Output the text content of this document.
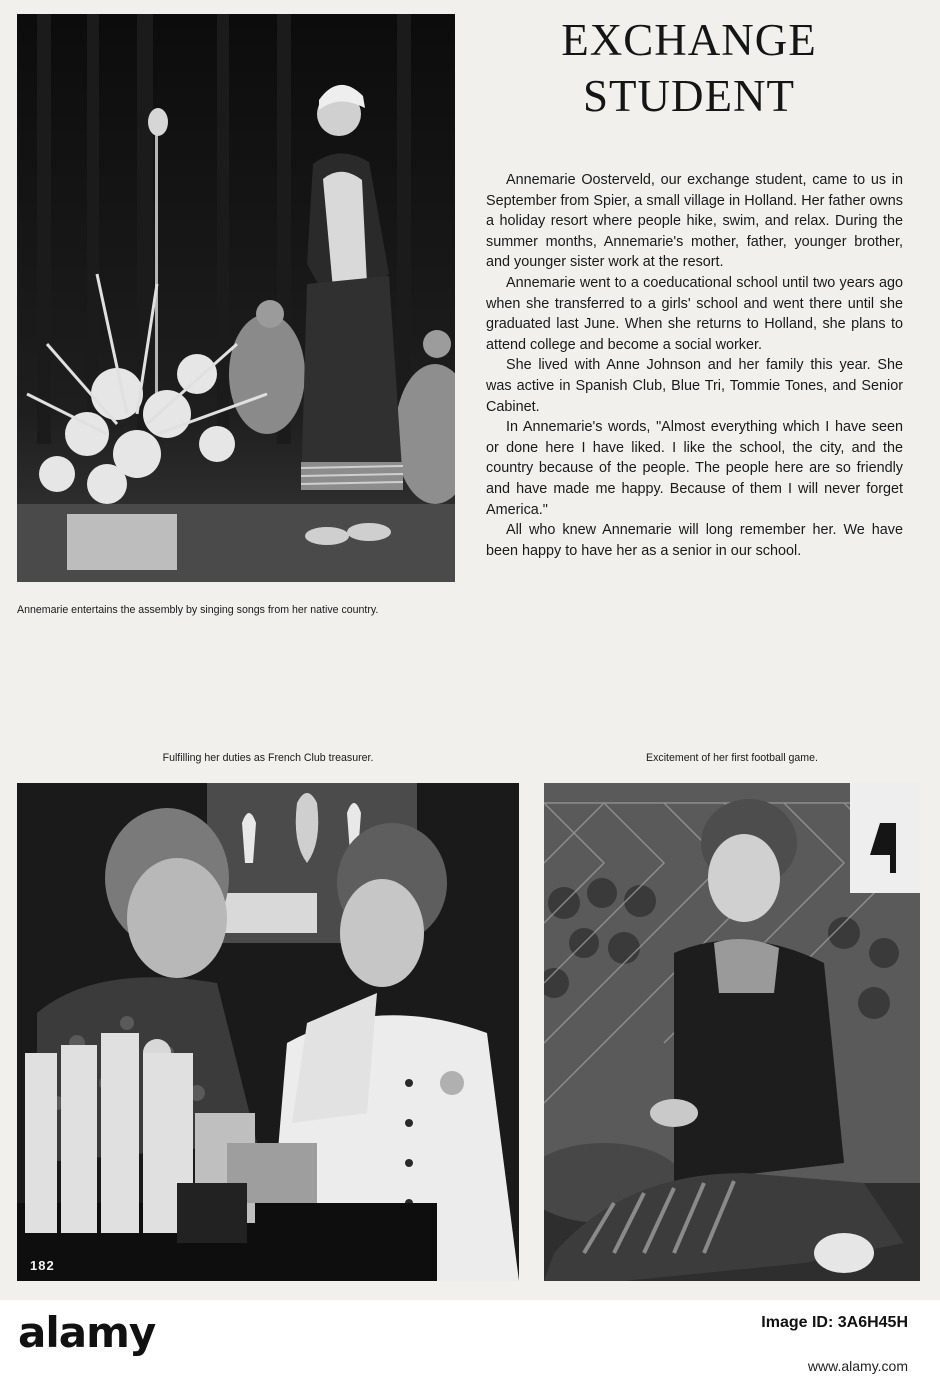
EXCHANGE
STUDENT

Annemarie Oosterveld, our exchange student, came to us in September from Spier, a small village in Holland. Her father owns a holiday resort where people hike, swim, and relax. During the summer months, Annemarie's mother, father, younger brother, and younger sister work at the resort.

Annemarie went to a coeducational school until two years ago when she transferred to a girls' school and went there until she graduated last June. When she returns to Holland, she plans to attend college and become a social worker.

She lived with Anne Johnson and her family this year. She was active in Spanish Club, Blue Tri, Tommie Tones, and Senior Cabinet.

In Annemarie's words, "Almost everything which I have seen or done here I have liked. I like the school, the city, and the country because of the people. The people here are so friendly and have made me happy. Because of them I will never forget America."

All who knew Annemarie will long remember her. We have been happy to have her as a senior in our school.

Annemarie entertains the assembly by singing songs from her native country.
Fulfilling her duties as French Club treasurer.	Excitement of her first football game.
182
alamy	Image ID: 3A6H45H
www.alamy.com
